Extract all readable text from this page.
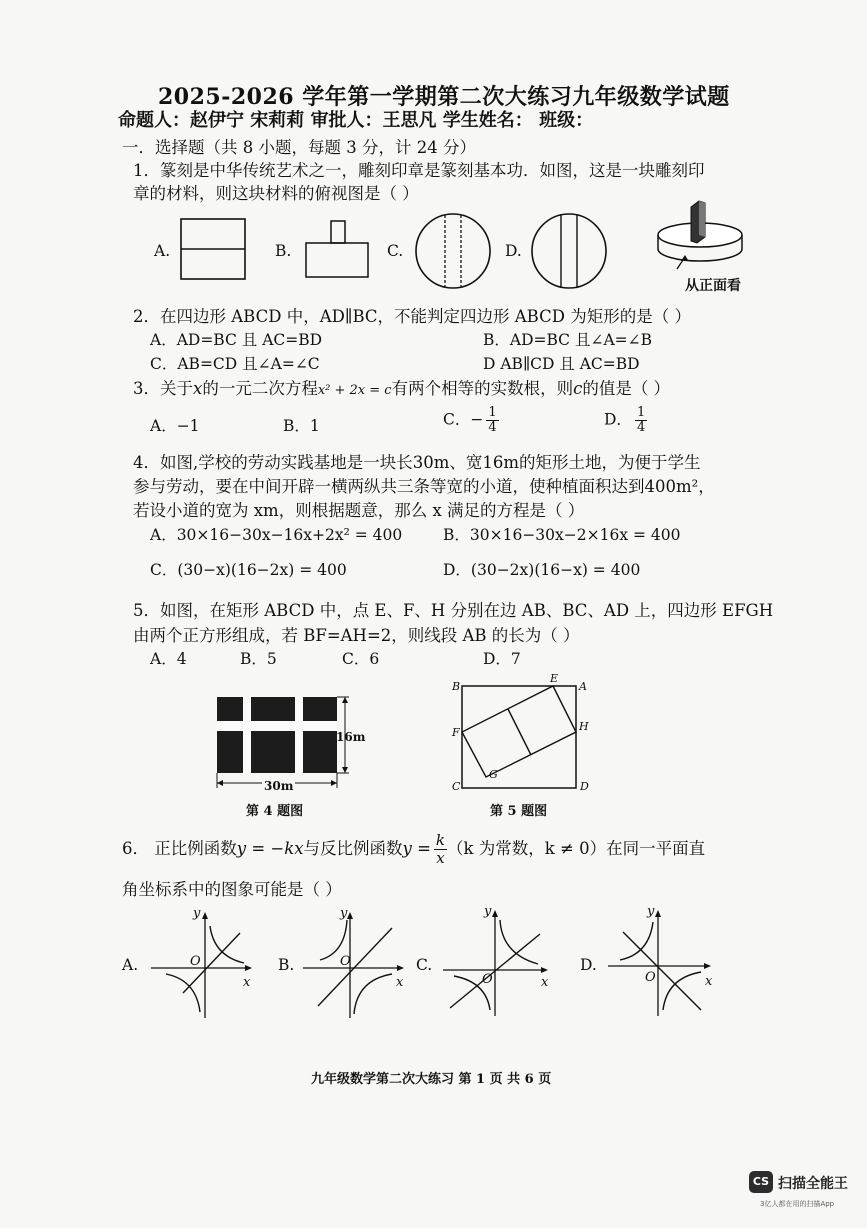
2025-2026 学年第一学期第二次大练习九年级数学试题
命题人：赵伊宁 宋莉莉 审批人：王思凡 学生姓名： 班级：
一．选择题（共 8 小题，每题 3 分，计 24 分）
1．篆刻是中华传统艺术之一，雕刻印章是篆刻基本功．如图，这是一块雕刻印
章的材料，则这块材料的俯视图是（ ）
A.	B.	C.	D.
从正面看
2．在四边形 ABCD 中，AD∥BC，不能判定四边形 ABCD 为矩形的是（ ）
A．AD=BC 且 AC=BD	B．AD=BC 且∠A=∠B
C．AB=CD 且∠A=∠C	D AB∥CD 且 AC=BD
3．关于x的一元二次方程x² + 2x = c有两个相等的实数根，则c的值是（ ）
A．−1	B．1	C．− $\frac{1}{4}$	D． $\frac{1}{4}$
4．如图,学校的劳动实践基地是一块长30m、宽16m的矩形土地，为便于学生
参与劳动，要在中间开辟一横两纵共三条等宽的小道，使种植面积达到400m²，
若设小道的宽为 xm，则根据题意，那么 x 满足的方程是（ ）
A．30×16−30x−16x+2x² = 400	B．30×16−30x−2×16x = 400
C．(30−x)(16−2x) = 400	D．(30−2x)(16−x) = 400
5．如图，在矩形 ABCD 中，点 E、F、H 分别在边 AB、BC、AD 上，四边形 EFGH
由两个正方形组成，若 BF=AH=2，则线段 AB 的长为（ ）
A．4	B．5	C．6	D．7
16m
30m
第 4 题图
B
E
A
F	H
C
G
D
第 5 题图
6． 正比例函数y = −kx与反比例函数$y = \frac{k}{x} (k$ 为常数，k ≠ 0）在同一平面直
角坐标系中的图象可能是（ ）
A.	O
x
y
B.	O
x
y
C.
O	x
y
D.
O	x
y
九年级数学第二次大练习 第 1 页 共 6 页
CS 扫描全能王
3亿人都在用的扫描App
